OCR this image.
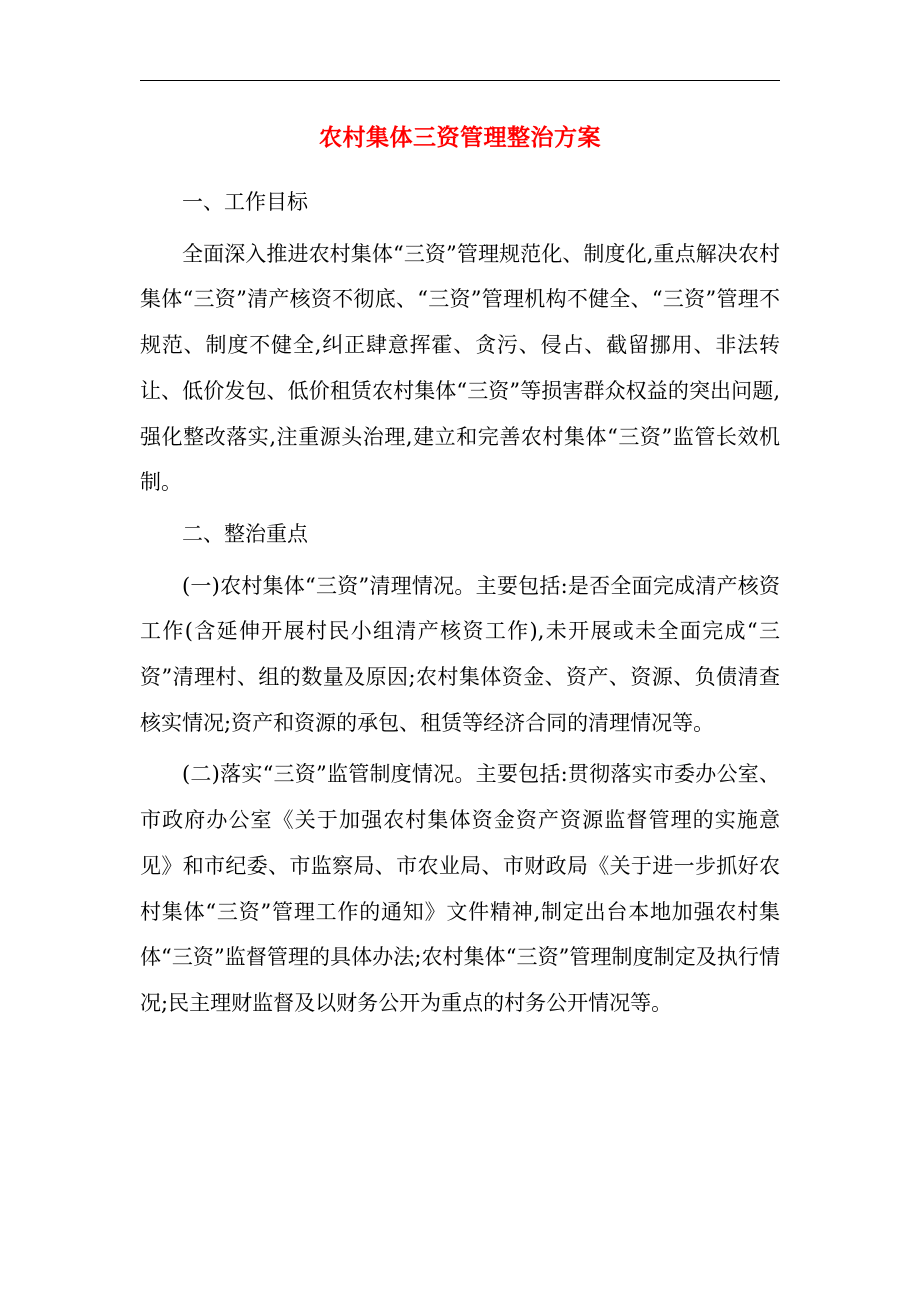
农村集体三资管理整治方案
一、工作目标

全面深入推进农村集体“三资”管理规范化、制度化,重点解决农村集体“三资”清产核资不彻底、“三资”管理机构不健全、“三资”管理不规范、制度不健全,纠正肆意挥霍、贪污、侵占、截留挪用、非法转让、低价发包、低价租赁农村集体“三资”等损害群众权益的突出问题,强化整改落实,注重源头治理,建立和完善农村集体“三资”监管长效机制。

二、整治重点

(一)农村集体“三资”清理情况。主要包括:是否全面完成清产核资工作(含延伸开展村民小组清产核资工作),未开展或未全面完成“三资”清理村、组的数量及原因;农村集体资金、资产、资源、负债清查核实情况;资产和资源的承包、租赁等经济合同的清理情况等。

(二)落实“三资”监管制度情况。主要包括:贯彻落实市委办公室、市政府办公室《关于加强农村集体资金资产资源监督管理的实施意见》和市纪委、市监察局、市农业局、市财政局《关于进一步抓好农村集体“三资”管理工作的通知》文件精神,制定出台本地加强农村集体“三资”监督管理的具体办法;农村集体“三资”管理制度制定及执行情况;民主理财监督及以财务公开为重点的村务公开情况等。
